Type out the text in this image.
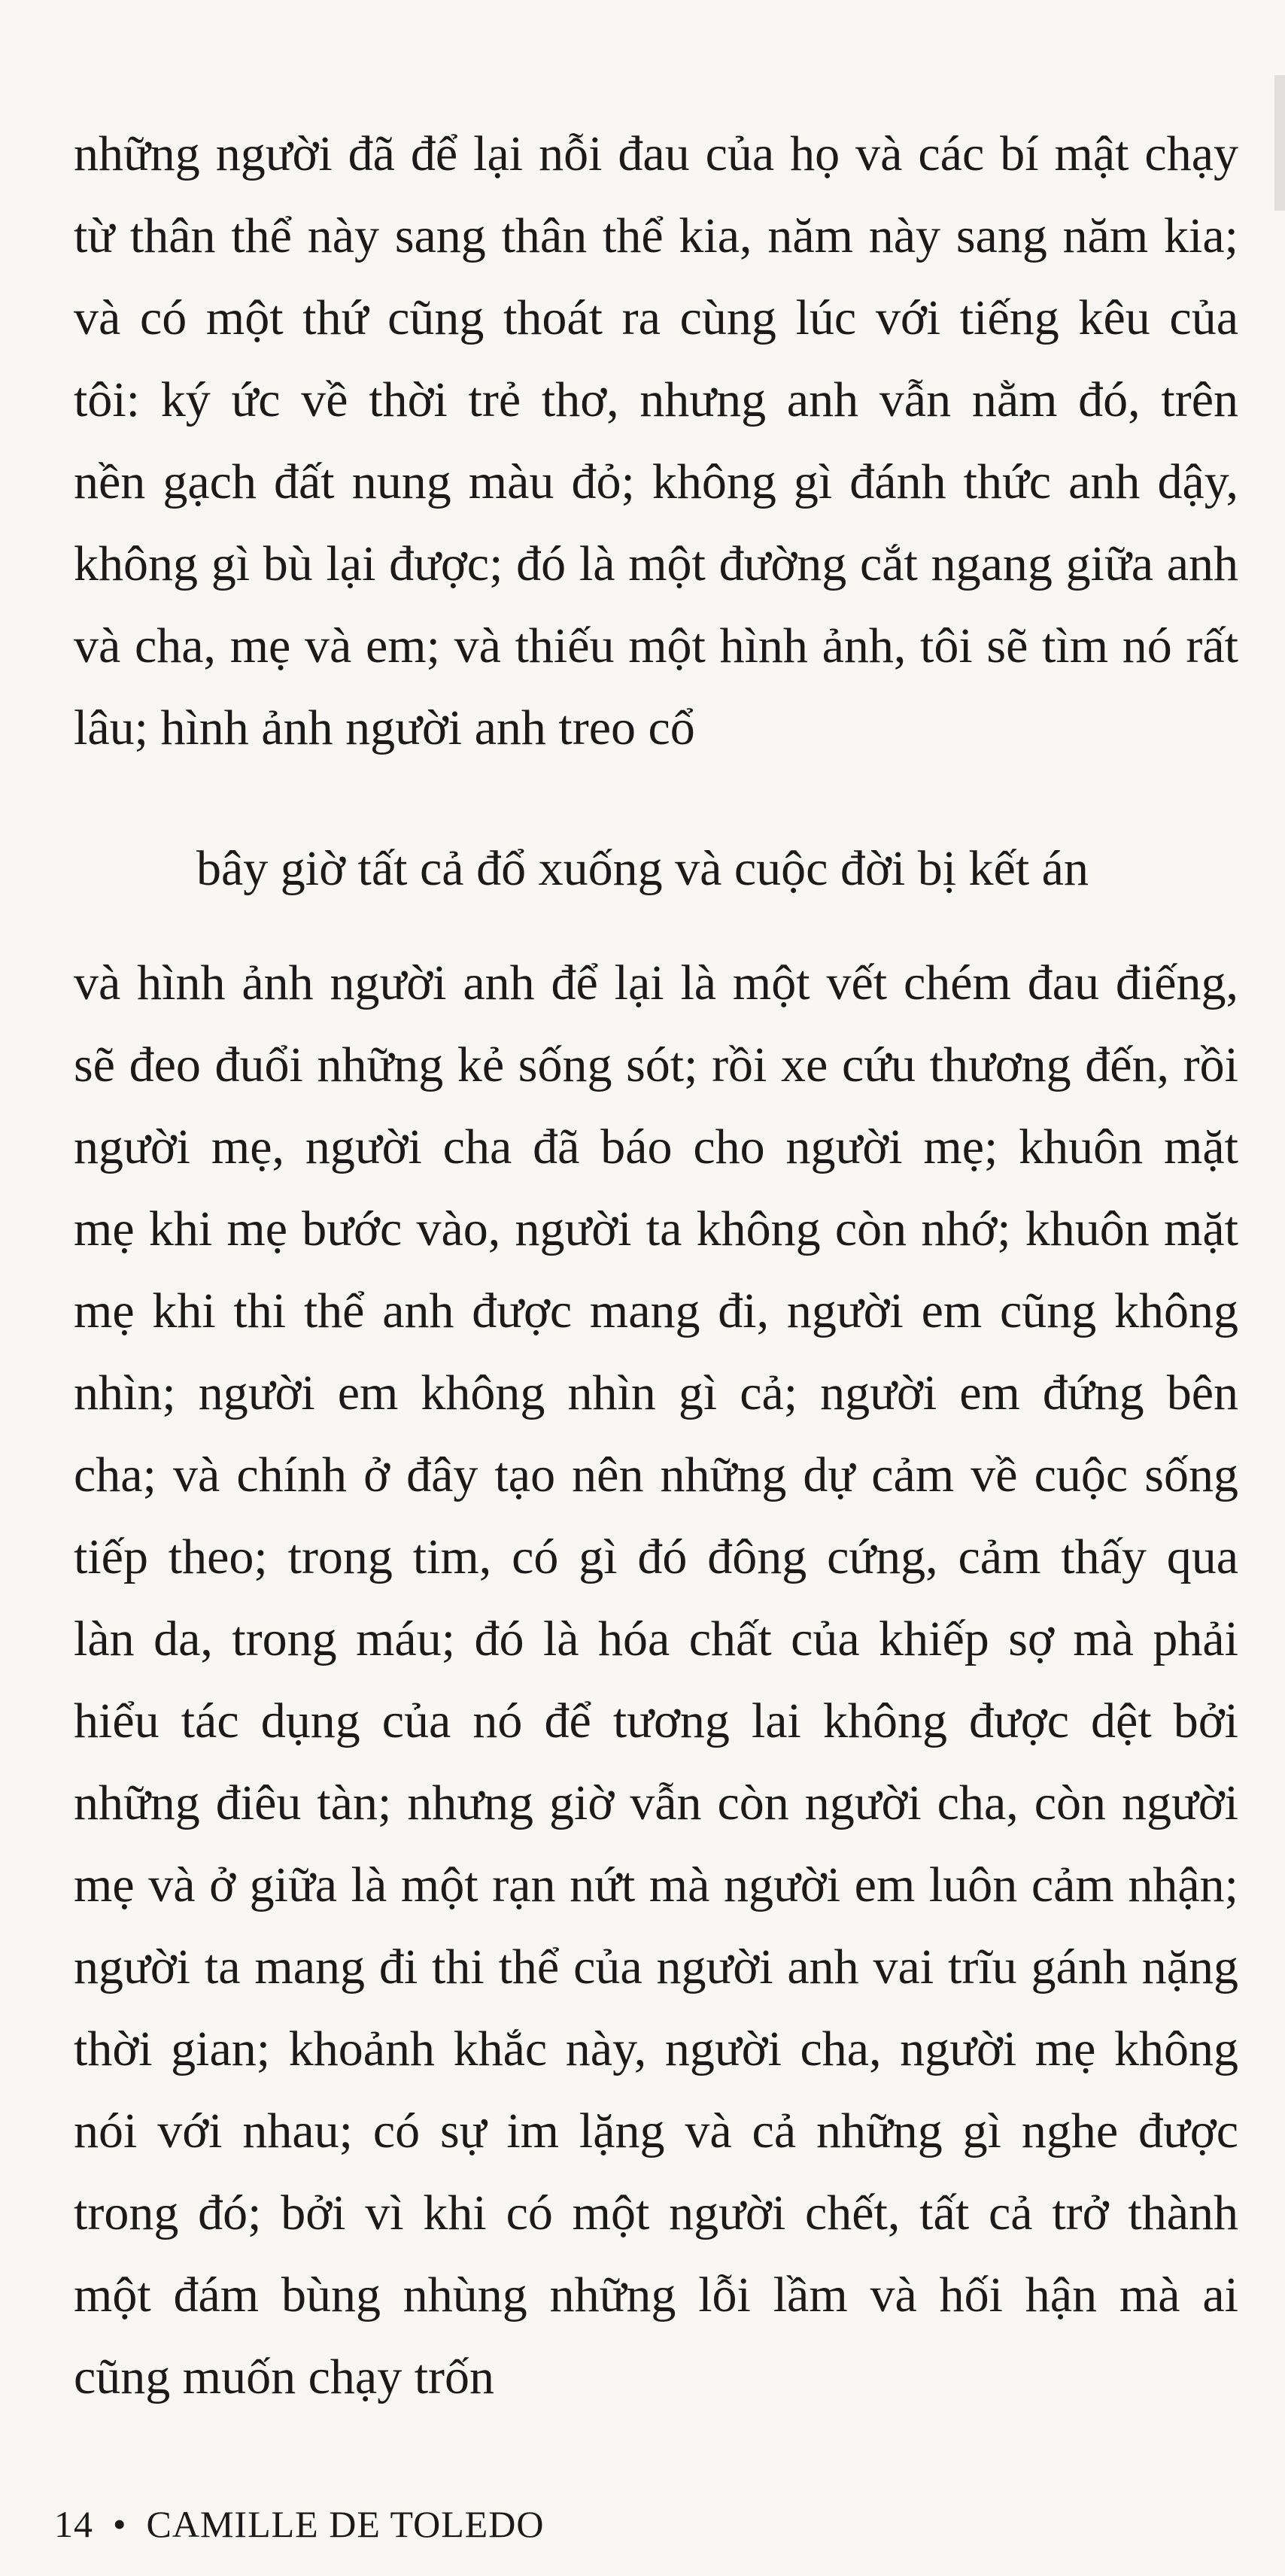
những người đã để lại nỗi đau của họ và các bí mật chạy
từ thân thể này sang thân thể kia, năm này sang năm kia;
và có một thứ cũng thoát ra cùng lúc với tiếng kêu của
tôi: ký ức về thời trẻ thơ, nhưng anh vẫn nằm đó, trên
nền gạch đất nung màu đỏ; không gì đánh thức anh dậy,
không gì bù lại được; đó là một đường cắt ngang giữa anh
và cha, mẹ và em; và thiếu một hình ảnh, tôi sẽ tìm nó rất
lâu; hình ảnh người anh treo cổ

bây giờ tất cả đổ xuống và cuộc đời bị kết án

và hình ảnh người anh để lại là một vết chém đau điếng,
sẽ đeo đuổi những kẻ sống sót; rồi xe cứu thương đến, rồi
người mẹ, người cha đã báo cho người mẹ; khuôn mặt
mẹ khi mẹ bước vào, người ta không còn nhớ; khuôn mặt
mẹ khi thi thể anh được mang đi, người em cũng không
nhìn; người em không nhìn gì cả; người em đứng bên
cha; và chính ở đây tạo nên những dự cảm về cuộc sống
tiếp theo; trong tim, có gì đó đông cứng, cảm thấy qua
làn da, trong máu; đó là hóa chất của khiếp sợ mà phải
hiểu tác dụng của nó để tương lai không được dệt bởi
những điêu tàn; nhưng giờ vẫn còn người cha, còn người
mẹ và ở giữa là một rạn nứt mà người em luôn cảm nhận;
người ta mang đi thi thể của người anh vai trĩu gánh nặng
thời gian; khoảnh khắc này, người cha, người mẹ không
nói với nhau; có sự im lặng và cả những gì nghe được
trong đó; bởi vì khi có một người chết, tất cả trở thành
một đám bùng nhùng những lỗi lầm và hối hận mà ai
cũng muốn chạy trốn
14 • CAMILLE DE TOLEDO
